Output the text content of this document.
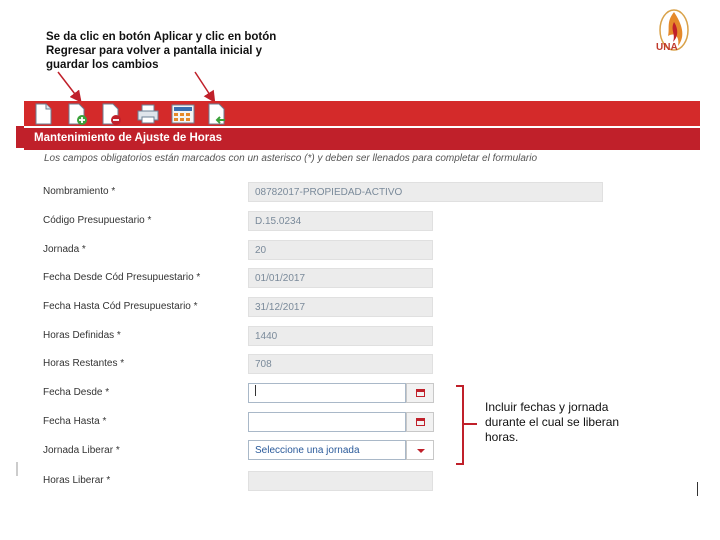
Se da clic en botón Aplicar y clic en botón Regresar para volver a pantalla inicial y guardar los cambios
UNA
Mantenimiento de Ajuste de Horas
Los campos obligatorios están marcados con un asterisco (*) y deben ser llenados para completar el formulario
Nombramiento *	08782017-PROPIEDAD-ACTIVO
Código Presupuestario *	D.15.0234
Jornada *	20
Fecha Desde Cód Presupuestario *	01/01/2017
Fecha Hasta Cód Presupuestario *	31/12/2017
Horas Definidas *	1440
Horas Restantes *	708
Fecha Desde *
Fecha Hasta *
Jornada Liberar *	Seleccione una jornada
Horas Liberar *
Incluir fechas y jornada durante el cual se liberan horas.
